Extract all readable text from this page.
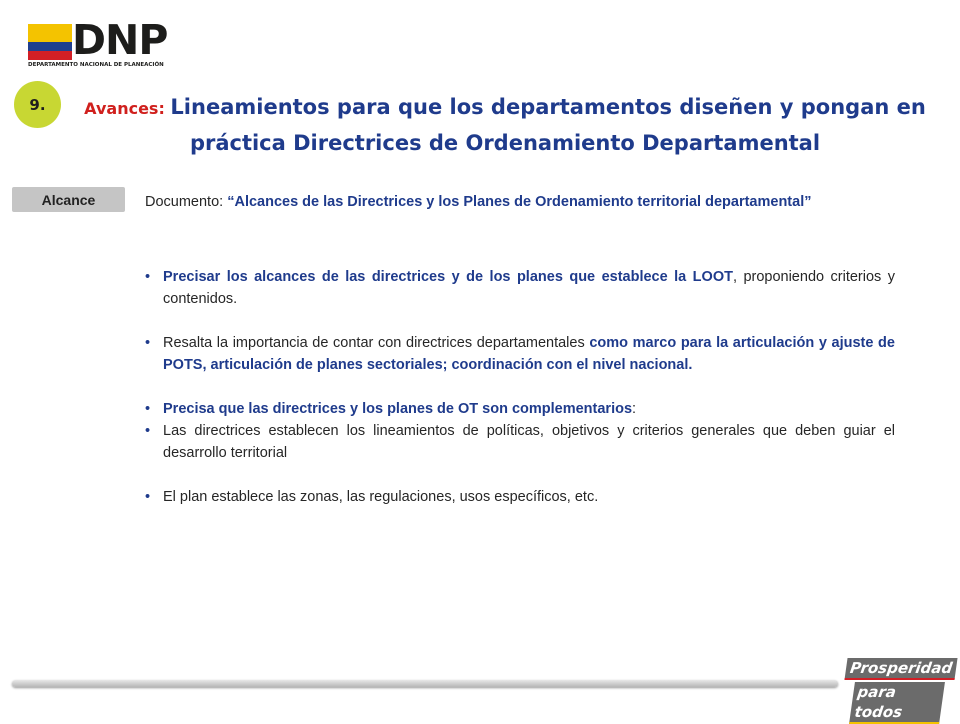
DNP
DEPARTAMENTO NACIONAL DE PLANEACIÓN
9.	Avances: Lineamientos para que los departamentos diseñen y pongan en
práctica Directrices de Ordenamiento Departamental
Alcance	Documento: “Alcances de las Directrices y los Planes de Ordenamiento territorial departamental”
• Precisar los alcances de las directrices y de los planes que establece la LOOT, proponiendo criterios y contenidos.
• Resalta la importancia de contar con directrices departamentales como marco para la articulación y ajuste de POTS, articulación de planes sectoriales; coordinación con el nivel nacional.
• Precisa que las directrices y los planes de OT son complementarios:
• Las directrices establecen los lineamientos de políticas, objetivos y criterios generales que deben guiar el desarrollo territorial
• El plan establece las zonas, las regulaciones, usos específicos, etc.
Prosperidad
para todos
